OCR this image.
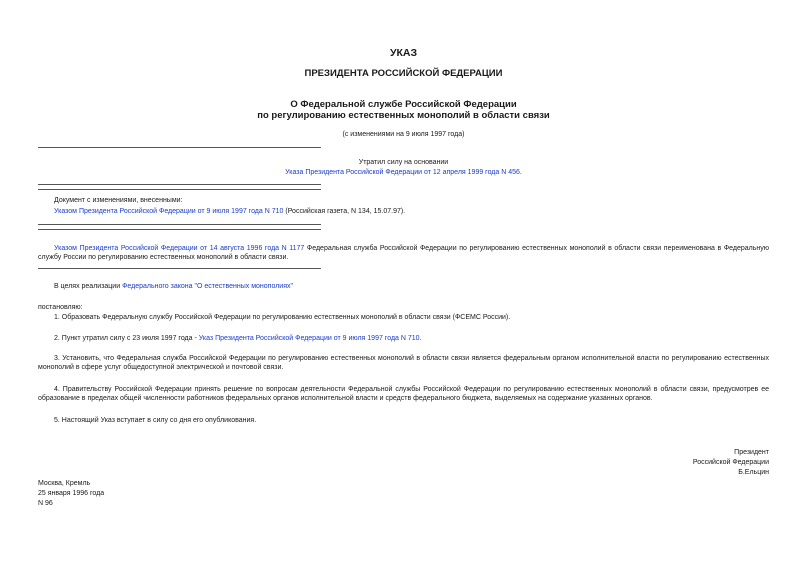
УКАЗ
ПРЕЗИДЕНТА РОССИЙСКОЙ ФЕДЕРАЦИИ
О Федеральной службе Российской Федерации
по регулированию естественных монополий в области связи
(с изменениями на 9 июля 1997 года)
Утратил силу на основании
Указа Президента Российской Федерации от 12 апреля 1999 года N 456.
Документ с изменениями, внесенными:
Указом Президента Российской Федерации от 9 июля 1997 года N 710 (Российская газета, N 134, 15.07.97).
Указом Президента Российской Федерации от 14 августа 1996 года N 1177 Федеральная служба Российской Федерации по регулированию естественных монополий в области связи переименована в Федеральную службу России по регулированию естественных монополий в области связи.
В целях реализации Федерального закона "О естественных монополиях"
постановляю:
1. Образовать Федеральную службу Российской Федерации по регулированию естественных монополий в области связи (ФСЕМС России).
2. Пункт утратил силу с 23 июля 1997 года - Указ Президента Российской Федерации от 9 июля 1997 года N 710.
3. Установить, что Федеральная служба Российской Федерации по регулированию естественных монополий в области связи является федеральным органом исполнительной власти по регулированию естественных монополий в сфере услуг общедоступной электрической и почтовой связи.
4. Правительству Российской Федерации принять решение по вопросам деятельности Федеральной службы Российской Федерации по регулированию естественных монополий в области связи, предусмотрев ее образование в пределах общей численности работников федеральных органов исполнительной власти и средств федерального бюджета, выделяемых на содержание указанных органов.
5. Настоящий Указ вступает в силу со дня его опубликования.
Президент
Российской Федерации
Б.Ельцин
Москва, Кремль
25 января 1996 года
N 96
